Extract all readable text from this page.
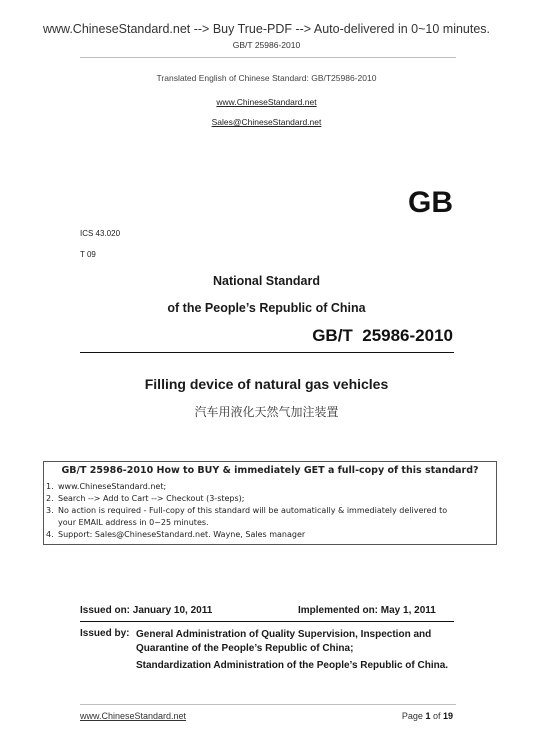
www.ChineseStandard.net --> Buy True-PDF --> Auto-delivered in 0~10 minutes.
GB/T 25986-2010
Translated English of Chinese Standard: GB/T25986-2010
www.ChineseStandard.net
Sales@ChineseStandard.net
GB
ICS 43.020
T 09
National Standard
of the People’s Republic of China
GB/T  25986-2010
Filling device of natural gas vehicles
汽车用液化天然气加注装置
GB/T 25986-2010 How to BUY & immediately GET a full-copy of this standard?
1. www.ChineseStandard.net;
2. Search --> Add to Cart --> Checkout (3-steps);
3. No action is required - Full-copy of this standard will be automatically & immediately delivered to
your EMAIL address in 0~25 minutes.
4. Support: Sales@ChineseStandard.net. Wayne, Sales manager
Issued on: January 10, 2011	Implemented on: May 1, 2011
Issued by: General Administration of Quality Supervision, Inspection and Quarantine of the People’s Republic of China;

Standardization Administration of the People’s Republic of China.

www.ChineseStandard.net	Page 1 of 19
